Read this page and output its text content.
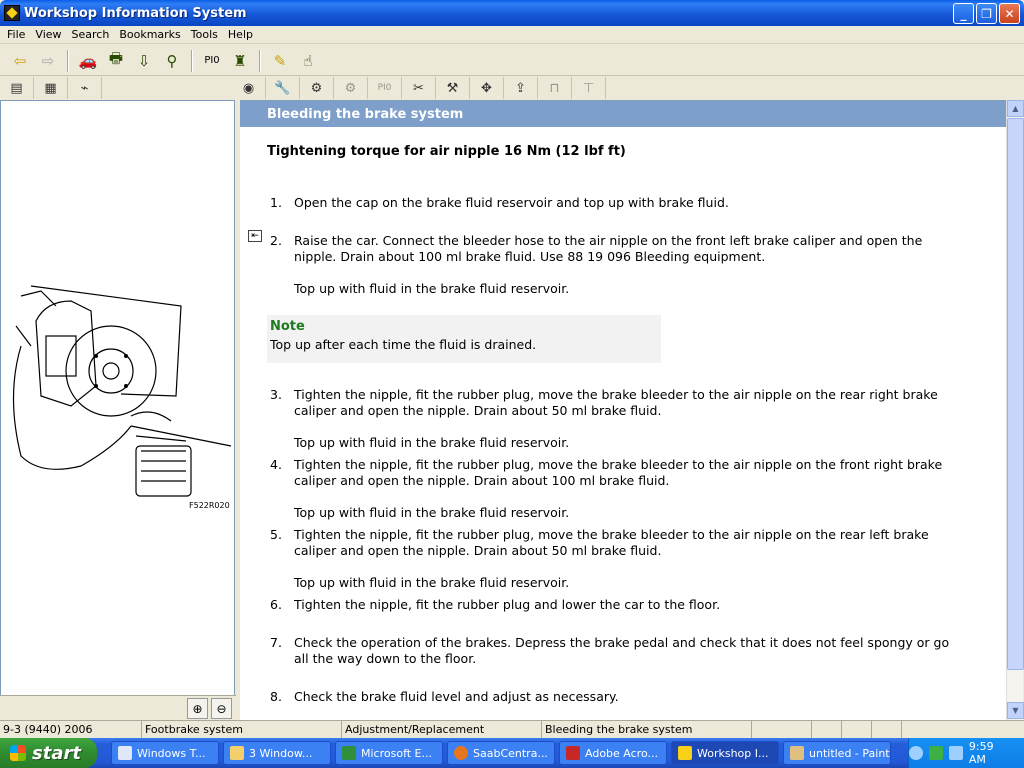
Workshop Information System	_	❐	✕
File View Search Bookmarks Tools Help
⇦	⇨	🚗 🖶 ⇩	⚲	PI0 ♜	✎	☝
▤	▦	⌁	◉	🔧	⚙	⚙	PI0	✂	⚒	✥	⇪	⊓	⊤
F522R020
⊕	⊖
Bleeding the brake system
Tightening torque for air nipple 16 Nm (12 lbf ft)
1. Open the cap on the brake fluid reservoir and top up with brake fluid.
⇤ 2. Raise the car. Connect the bleeder hose to the air nipple on the front left brake caliper and open the nipple. Drain about 100 ml brake fluid. Use 88 19 096 Bleeding equipment.
Top up with fluid in the brake fluid reservoir.
Note
Top up after each time the fluid is drained.
3. Tighten the nipple, fit the rubber plug, move the brake bleeder to the air nipple on the rear right brake caliper and open the nipple. Drain about 50 ml brake fluid.
Top up with fluid in the brake fluid reservoir.
4. Tighten the nipple, fit the rubber plug, move the brake bleeder to the air nipple on the front right brake caliper and open the nipple. Drain about 100 ml brake fluid.
Top up with fluid in the brake fluid reservoir.
5. Tighten the nipple, fit the rubber plug, move the brake bleeder to the air nipple on the rear left brake caliper and open the nipple. Drain about 50 ml brake fluid.
Top up with fluid in the brake fluid reservoir.
6. Tighten the nipple, fit the rubber plug and lower the car to the floor.
7. Check the operation of the brakes. Depress the brake pedal and check that it does not feel spongy or go all the way down to the floor.
8. Check the brake fluid level and adjust as necessary.
▲
▼
9-3 (9440) 2006	Footbrake system	Adjustment/Replacement	Bleeding the brake system
start	Windows T...	3 Window...	Microsoft E...	SaabCentra...	Adobe Acro...	Workshop I...	untitled - Paint	9:59 AM
